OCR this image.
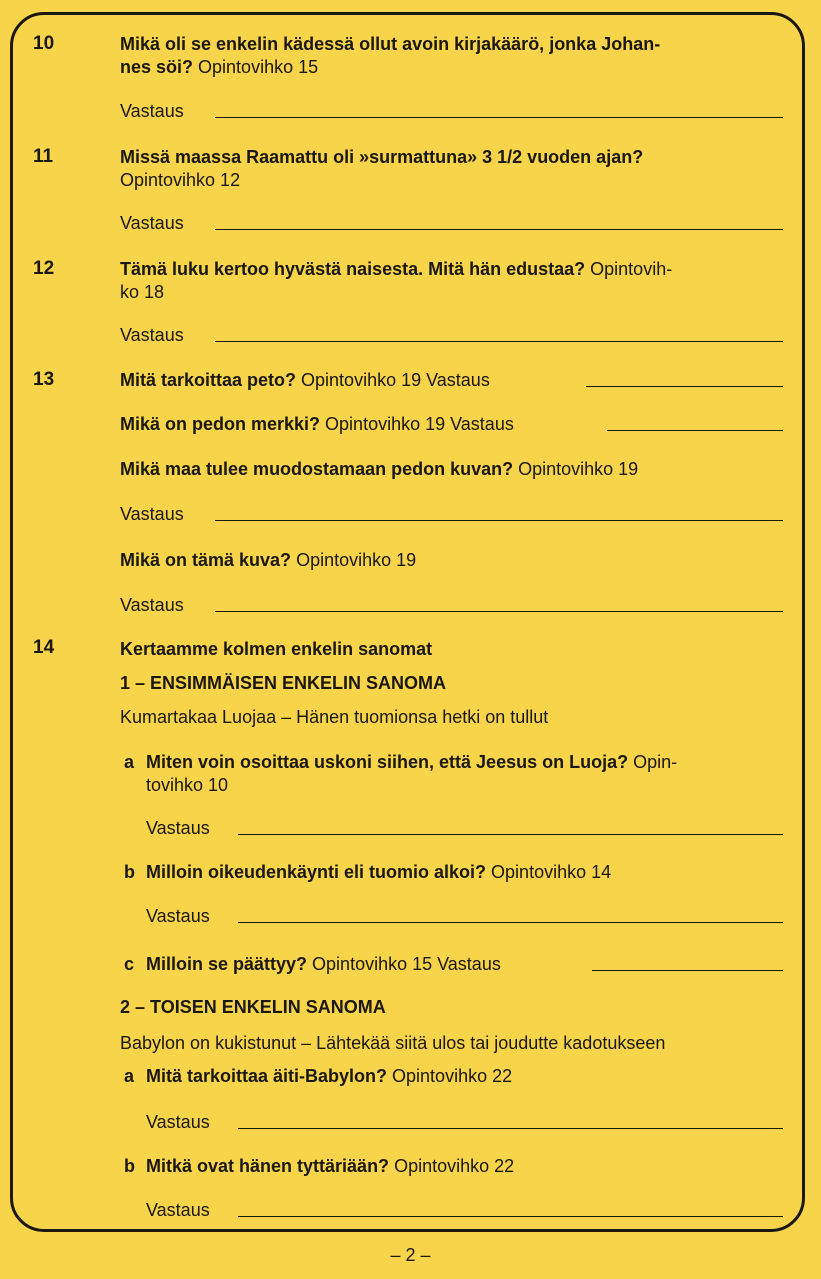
10	Mikä oli se enkelin kädessä ollut avoin kirjakäärö, jonka Johan-
nes söi? Opintovihko 15
Vastaus
11	Missä maassa Raamattu oli »surmattuna» 3 1/2 vuoden ajan?
Opintovihko 12
Vastaus
12	Tämä luku kertoo hyvästä naisesta. Mitä hän edustaa? Opintovih-
ko 18
Vastaus
13	Mitä tarkoittaa peto? Opintovihko 19 Vastaus
Mikä on pedon merkki? Opintovihko 19 Vastaus
Mikä maa tulee muodostamaan pedon kuvan? Opintovihko 19
Vastaus
Mikä on tämä kuva? Opintovihko 19
Vastaus
14	Kertaamme kolmen enkelin sanomat
1 – ENSIMMÄISEN ENKELIN SANOMA
Kumartakaa Luojaa – Hänen tuomionsa hetki on tullut
a Miten voin osoittaa uskoni siihen, että Jeesus on Luoja? Opin-
tovihko 10
Vastaus
b Milloin oikeudenkäynti eli tuomio alkoi? Opintovihko 14
Vastaus
c Milloin se päättyy? Opintovihko 15 Vastaus
2 – TOISEN ENKELIN SANOMA
Babylon on kukistunut – Lähtekää siitä ulos tai joudutte kadotukseen
a Mitä tarkoittaa äiti-Babylon? Opintovihko 22
Vastaus
b Mitkä ovat hänen tyttäriään? Opintovihko 22
Vastaus
– 2 –
